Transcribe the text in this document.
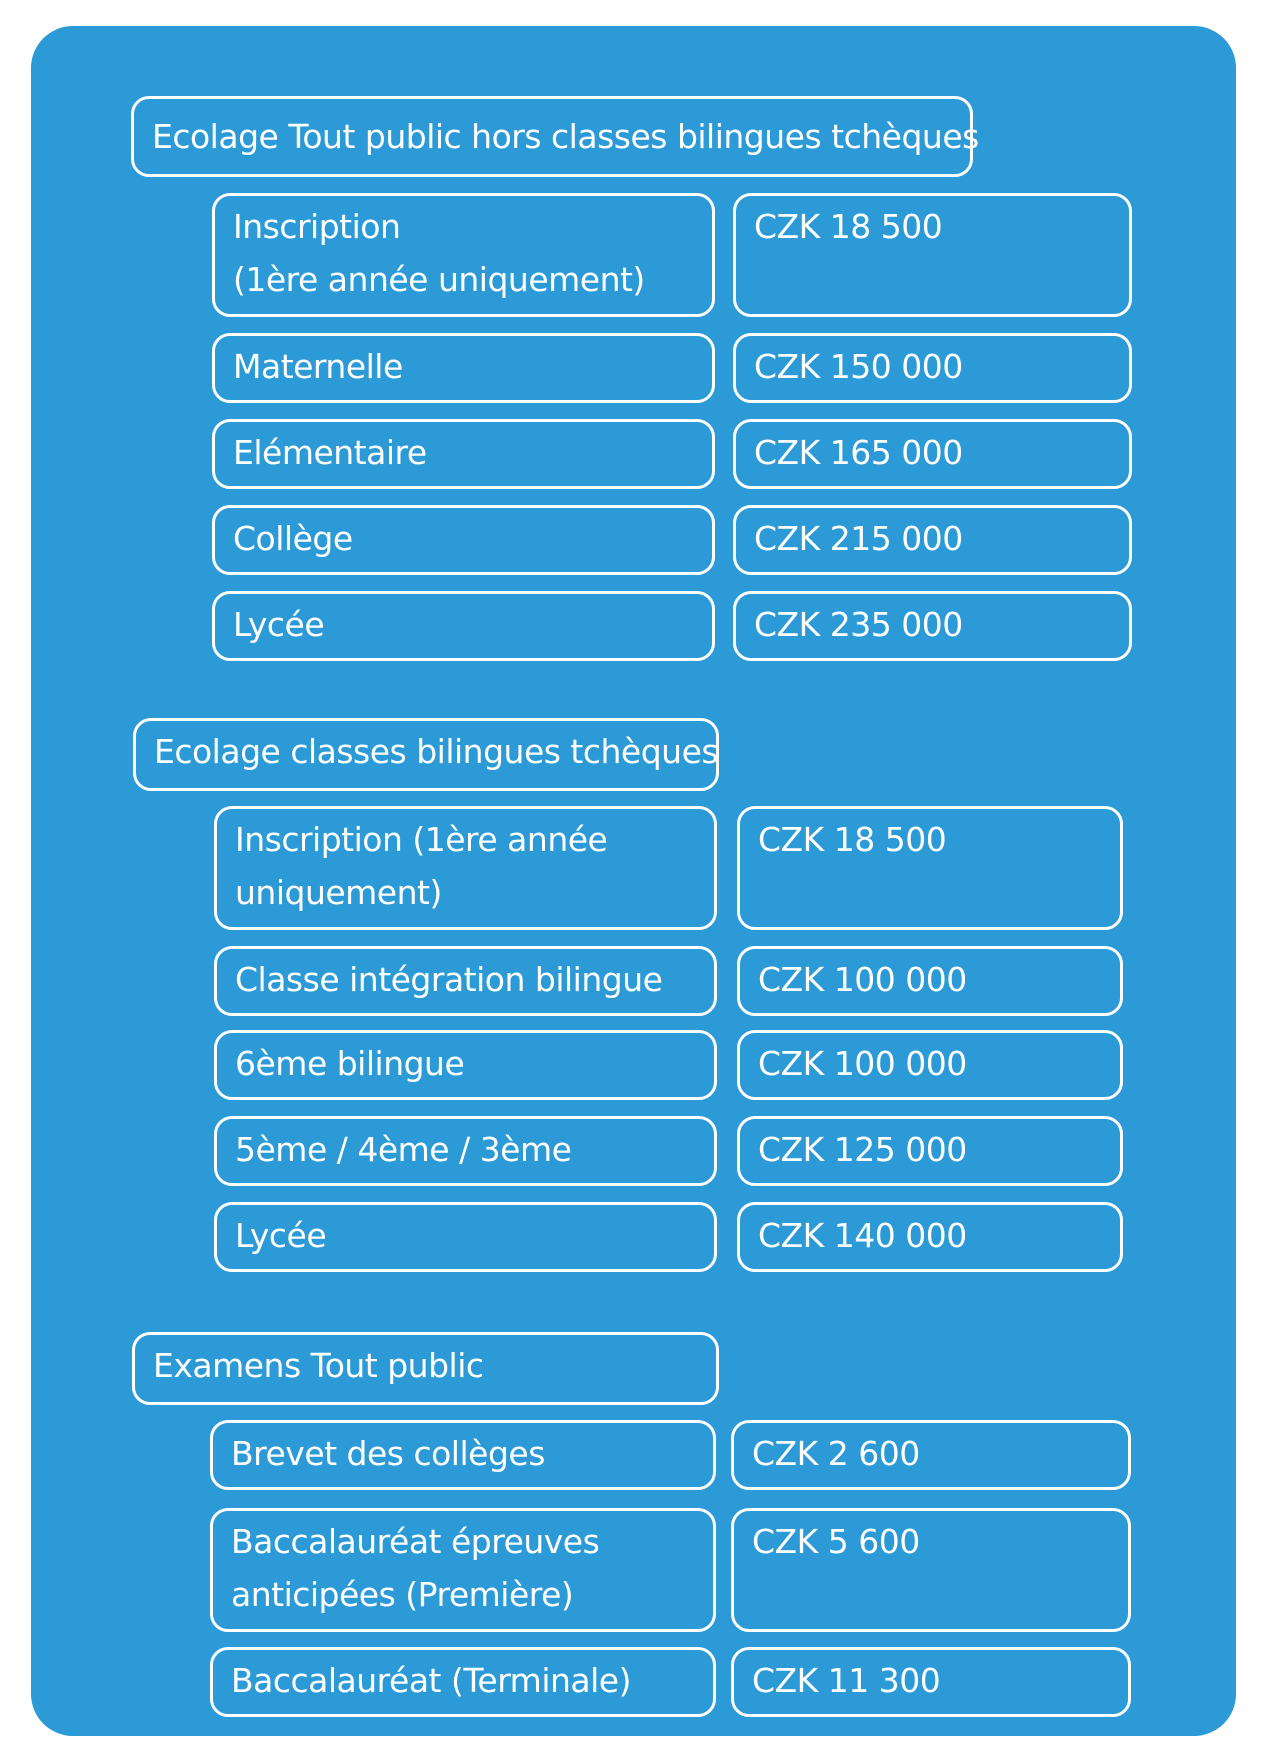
Ecolage Tout public hors classes bilingues tchèques
Inscription
(1ère année uniquement)
CZK 18 500
Maternelle	CZK 150 000
Elémentaire	CZK 165 000
Collège	CZK 215 000
Lycée	CZK 235 000
Ecolage classes bilingues tchèques
Inscription (1ère année
uniquement)
CZK 18 500
Classe intégration bilingue	CZK 100 000
6ème bilingue	CZK 100 000
5ème / 4ème / 3ème	CZK 125 000
Lycée	CZK 140 000
Examens Tout public
Brevet des collèges	CZK 2 600
Baccalauréat épreuves
anticipées (Première)
CZK 5 600
Baccalauréat (Terminale)	CZK 11 300
